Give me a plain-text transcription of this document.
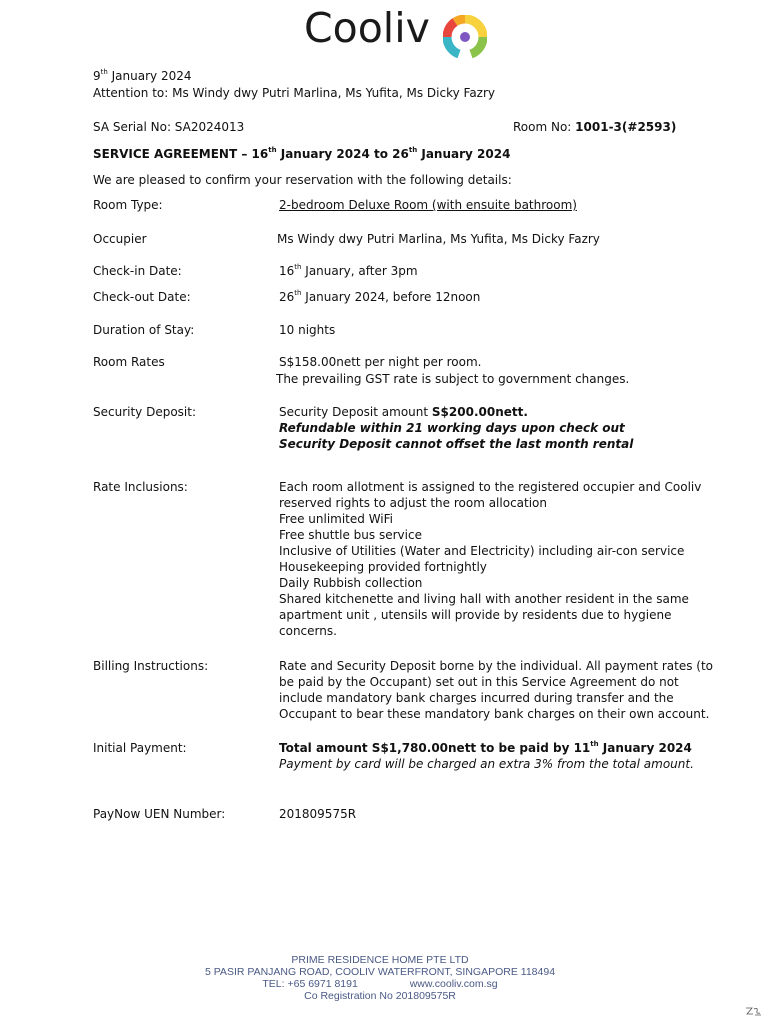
Cooliv
9th January 2024
Attention to: Ms Windy dwy Putri Marlina, Ms Yufita, Ms Dicky Fazry
SA Serial No: SA2024013	Room No: 1001-3(#2593)
SERVICE AGREEMENT – 16th January 2024 to 26th January 2024
We are pleased to confirm your reservation with the following details:
Room Type:	2-bedroom Deluxe Room (with ensuite bathroom)
Occupier	Ms Windy dwy Putri Marlina, Ms Yufita, Ms Dicky Fazry
Check-in Date:	16th January, after 3pm
Check-out Date:	26th January 2024, before 12noon
Duration of Stay:	10 nights
Room Rates	S$158.00nett per night per room.
The prevailing GST rate is subject to government changes.
Security Deposit:	Security Deposit amount S$200.00nett.
Refundable within 21 working days upon check out
Security Deposit cannot offset the last month rental
Rate Inclusions:	Each room allotment is assigned to the registered occupier and Cooliv
reserved rights to adjust the room allocation
Free unlimited WiFi
Free shuttle bus service
Inclusive of Utilities (Water and Electricity) including air-con service
Housekeeping provided fortnightly
Daily Rubbish collection
Shared kitchenette and living hall with another resident in the same
apartment unit , utensils will provide by residents due to hygiene
concerns.
Billing Instructions:	Rate and Security Deposit borne by the individual. All payment rates (to
be paid by the Occupant) set out in this Service Agreement do not
include mandatory bank charges incurred during transfer and the
Occupant to bear these mandatory bank charges on their own account.
Initial Payment:	Total amount S$1,780.00nett to be paid by 11th January 2024
Payment by card will be charged an extra 3% from the total amount.
PayNow UEN Number:	201809575R
PRIME RESIDENCE HOME PTE LTD
5 PASIR PANJANG ROAD, COOLIV WATERFRONT, SINGAPORE 118494
TEL: +65 6971 8191	www.cooliv.com.sg
Co Registration No 201809575R
